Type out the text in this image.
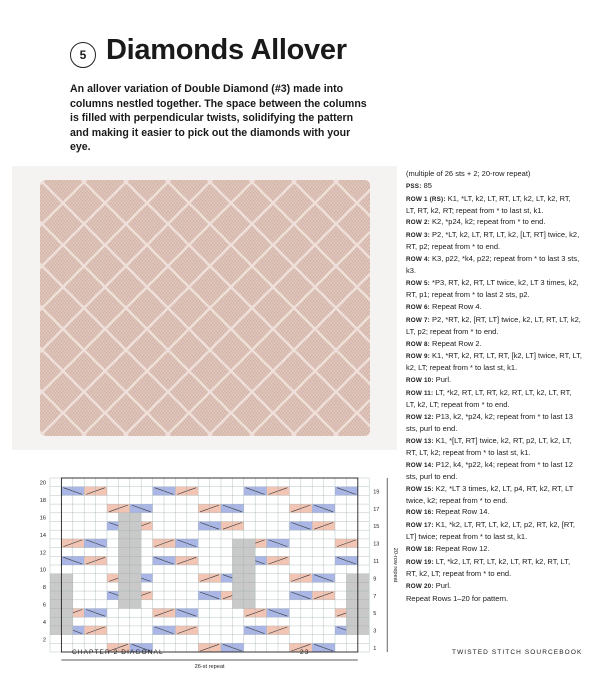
5 Diamonds Allover
An allover variation of Double Diamond (#3) made into columns nestled together. The space between the columns is filled with perpendicular twists, solidifying the pattern and making it easier to pick out the diamonds with your eye.

(multiple of 26 sts + 2; 20-row repeat)

PSS: 85

ROW 1 (RS): K1, *LT, k2, LT, RT, LT, k2, LT, k2, RT, LT, RT, k2, RT; repeat from * to last st, k1.

ROW 2: K2, *p24, k2; repeat from * to end.

ROW 3: P2, *LT, k2, LT, RT, LT, k2, [LT, RT] twice, k2, RT, p2; repeat from * to end.

ROW 4: K3, p22, *k4, p22; repeat from * to last 3 sts, k3.

ROW 5: *P3, RT, k2, RT, LT twice, k2, LT 3 times, k2, RT, p1; repeat from * to last 2 sts, p2.

ROW 6: Repeat Row 4.

ROW 7: P2, *RT, k2, [RT, LT] twice, k2, LT, RT, LT, k2, LT, p2; repeat from * to end.

ROW 8: Repeat Row 2.

ROW 9: K1, *RT, k2, RT, LT, RT, [k2, LT] twice, RT, LT, k2, LT; repeat from * to last st, k1.

ROW 10: Purl.

ROW 11: LT, *k2, RT, LT, RT, k2, RT, LT, k2, LT, RT, LT, k2, LT; repeat from * to end.

ROW 12: P13, k2, *p24, k2; repeat from * to last 13 sts, purl to end.

ROW 13: K1, *[LT, RT] twice, k2, RT, p2, LT, k2, LT, RT, LT, k2; repeat from * to last st, k1.

ROW 14: P12, k4, *p22, k4; repeat from * to last 12 sts, purl to end.

ROW 15: K2, *LT 3 times, k2, LT, p4, RT, k2, RT, LT twice, k2; repeat from * to end.

ROW 16: Repeat Row 14.

ROW 17: K1, *k2, LT, RT, LT, k2, LT, p2, RT, k2, [RT, LT] twice; repeat from * to last st, k1.

ROW 18: Repeat Row 12.

ROW 19: LT, *k2, LT, RT, LT, k2, LT, RT, k2, RT, LT, RT, k2, LT; repeat from * to end.

ROW 20: Purl.

Repeat Rows 1–20 for pattern.

20
18
16
14
12
10
8
6
4
2
19
17
15
13
11
9
7
5
3
1
20-row repeat
26-st repeat
CHAPTER 2 DIAGONAL	23	TWISTED STITCH SOURCEBOOK
